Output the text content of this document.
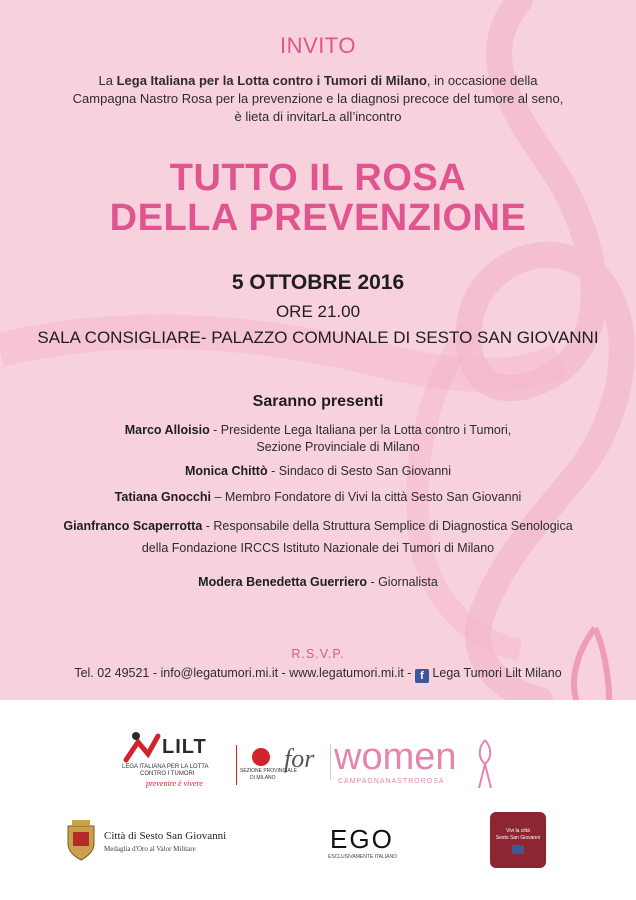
INVITO
La Lega Italiana per la Lotta contro i Tumori di Milano, in occasione della
Campagna Nastro Rosa per la prevenzione e la diagnosi precoce del tumore al seno,
è lieta di invitarLa all’incontro
TUTTO IL ROSA
DELLA PREVENZIONE
5 OTTOBRE 2016
ORE 21.00
SALA CONSIGLIARE- PALAZZO COMUNALE DI SESTO SAN GIOVANNI
Saranno presenti
Marco Alloisio - Presidente Lega Italiana per la Lotta contro i Tumori,
Sezione Provinciale di Milano
Monica Chittò - Sindaco di Sesto San Giovanni
Tatiana Gnocchi – Membro Fondatore di Vivi la città Sesto San Giovanni
Gianfranco Scaperrotta - Responsabile della Struttura Semplice di Diagnostica Senologica
della Fondazione IRCCS Istituto Nazionale dei Tumori di Milano
Modera Benedetta Guerriero - Giornalista
R.S.V.P.
Tel. 02 49521 - info@legatumori.mi.it - www.legatumori.mi.it - f Lega Tumori Lilt Milano
LILT
LEGA ITALIANA PER LA LOTTA
CONTRO I TUMORI
prevenire è vivere
SEZIONE PROVINCIALE
DI MILANO
for women
CAMPAGNANASTROROSA
Città di Sesto San Giovanni
Medaglia d'Oro al Valor Militare	EGO
ESCLUSIVAMENTE ITALIANO
Vivi la città
Sesto San Giovanni
